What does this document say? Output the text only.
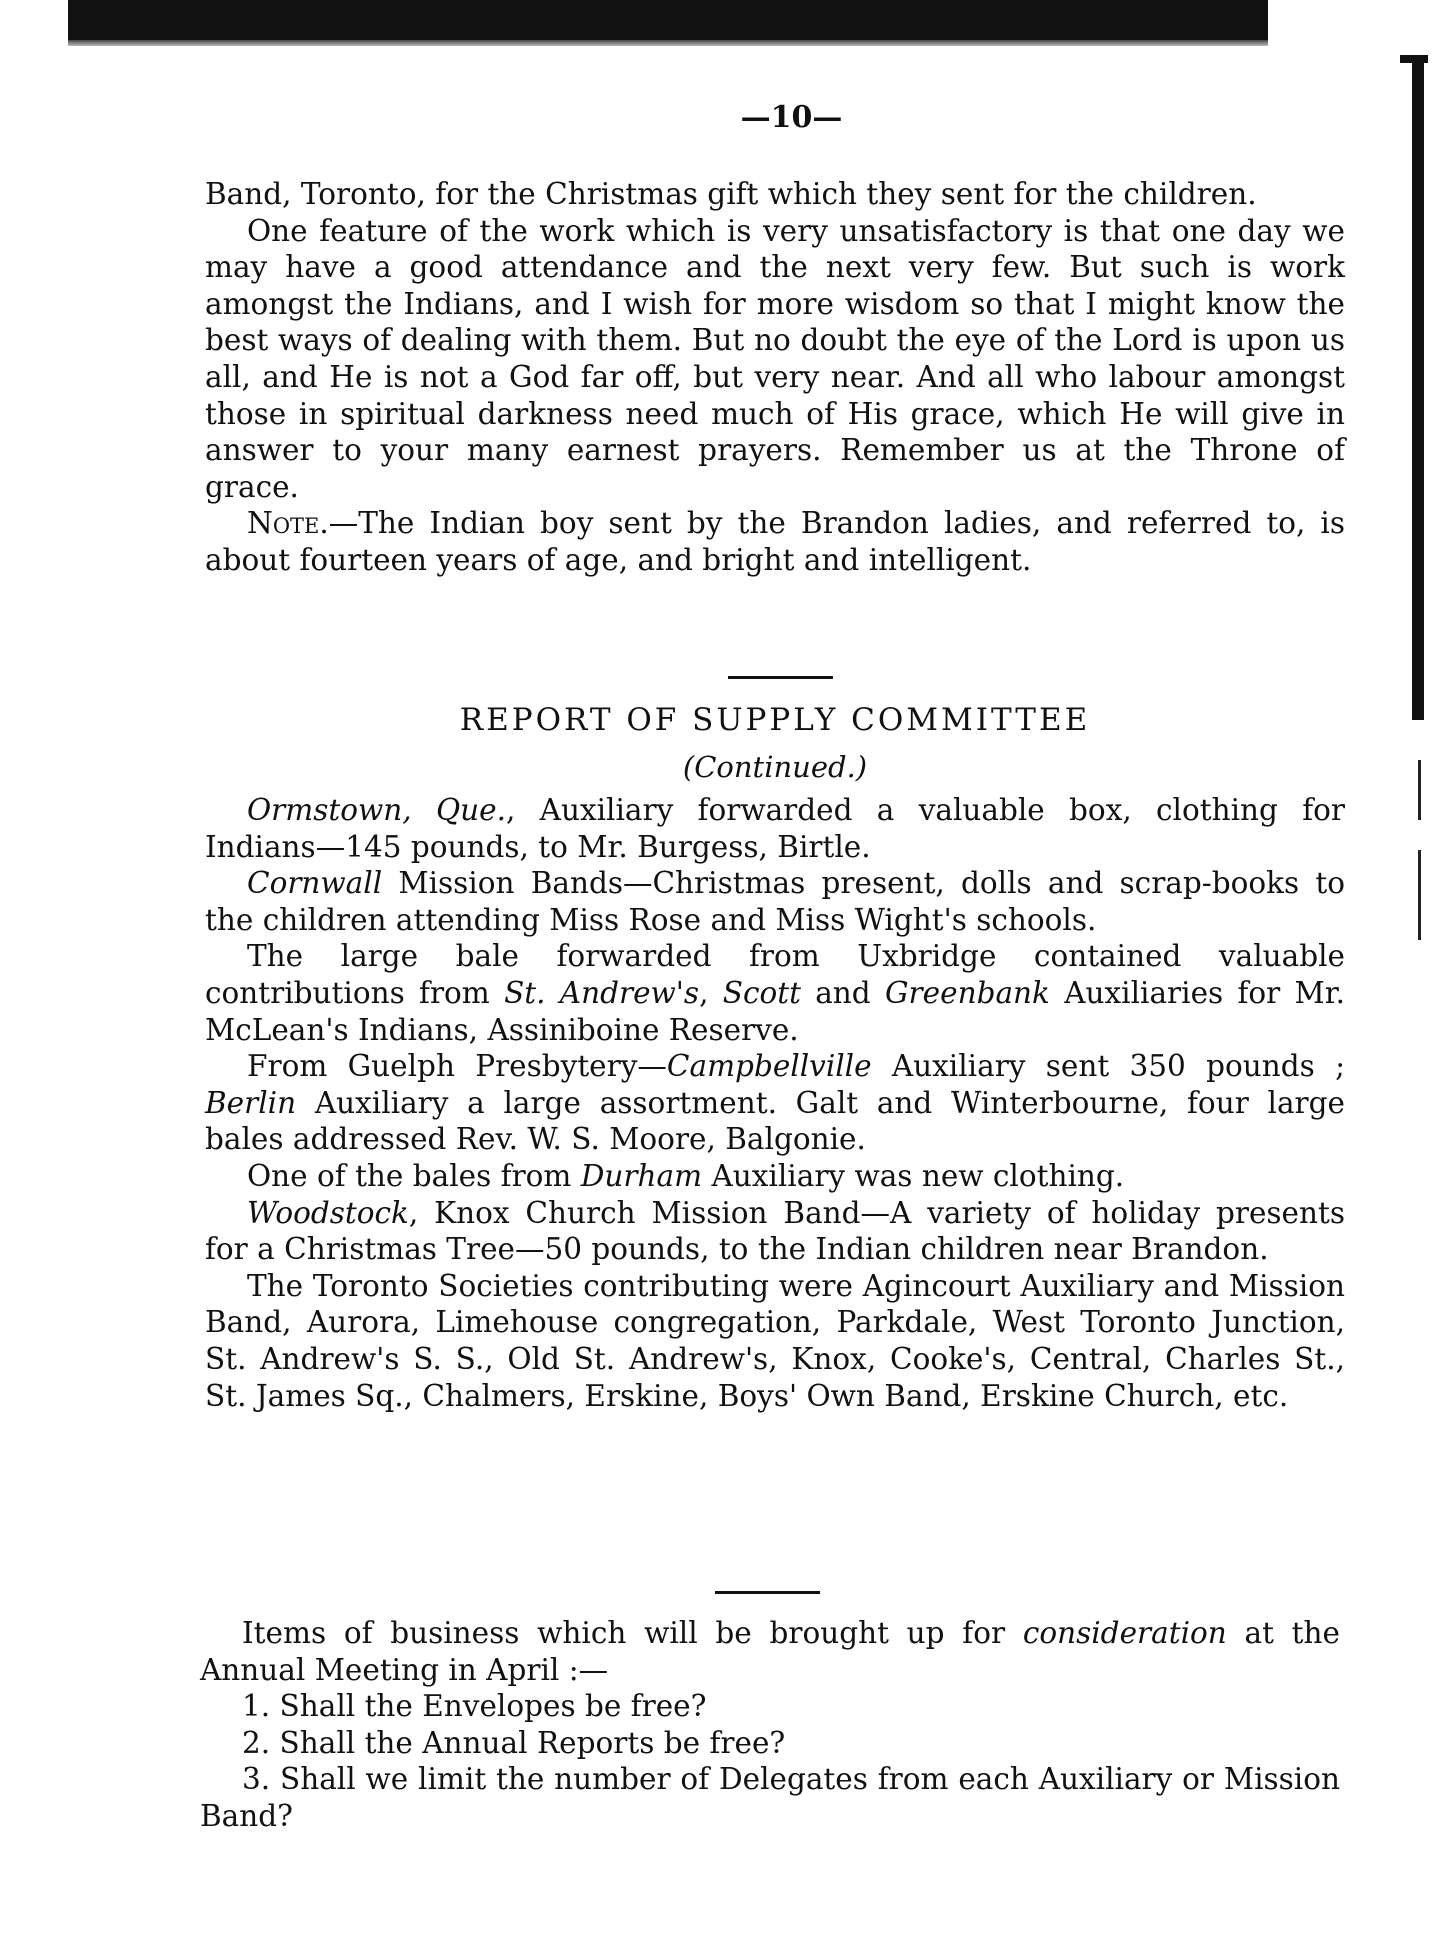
—10—

Band, Toronto, for the Christmas gift which they sent for the children.

One feature of the work which is very unsatisfactory is that one day we may have a good attendance and the next very few. But such is work amongst the Indians, and I wish for more wisdom so that I might know the best ways of dealing with them. But no doubt the eye of the Lord is upon us all, and He is not a God far off, but very near. And all who labour amongst those in spiritual darkness need much of His grace, which He will give in answer to your many earnest prayers. Remember us at the Throne of grace.

Note.—The Indian boy sent by the Brandon ladies, and referred to, is about fourteen years of age, and bright and intelligent.

REPORT OF SUPPLY COMMITTEE
(Continued.)

Ormstown, Que., Auxiliary forwarded a valuable box, clothing for Indians—145 pounds, to Mr. Burgess, Birtle.

Cornwall Mission Bands—Christmas present, dolls and scrap-books to the children attending Miss Rose and Miss Wight's schools.

The large bale forwarded from Uxbridge contained valuable contributions from St. Andrew's, Scott and Greenbank Auxiliaries for Mr. McLean's Indians, Assiniboine Reserve.

From Guelph Presbytery—Campbellville Auxiliary sent 350 pounds ; Berlin Auxiliary a large assortment. Galt and Winterbourne, four large bales addressed Rev. W. S. Moore, Balgonie.

One of the bales from Durham Auxiliary was new clothing.

Woodstock, Knox Church Mission Band—A variety of holiday presents for a Christmas Tree—50 pounds, to the Indian children near Brandon.

The Toronto Societies contributing were Agincourt Auxiliary and Mission Band, Aurora, Limehouse congregation, Parkdale, West Toronto Junction, St. Andrew's S. S., Old St. Andrew's, Knox, Cooke's, Central, Charles St., St. James Sq., Chalmers, Erskine, Boys' Own Band, Erskine Church, etc.

Items of business which will be brought up for consideration at the Annual Meeting in April :—

1. Shall the Envelopes be free?

2. Shall the Annual Reports be free?

3. Shall we limit the number of Delegates from each Auxiliary or Mission Band?
